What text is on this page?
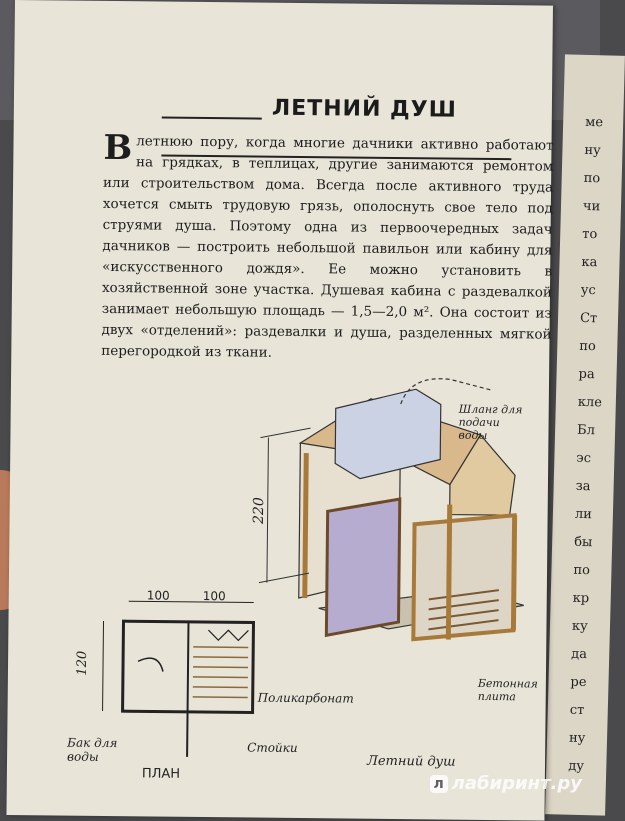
ме
ну
по
чи
то
ка
ус
Ст
по
ра
кле
Бл
эс
за
ли
бы
по
кр
ку
да
ре
ст
ну
ду
ЛЕТНИЙ ДУШ
В летнюю пору, когда многие дачники активно работают на грядках, в теплицах, другие занимаются ремонтом или строительством дома. Всегда после активного труда хочется смыть трудовую грязь, ополоснуть свое тело под струями душа. Поэтому одна из первоочередных задач дачников — построить небольшой павильон или кабину для «искусственного дождя». Ее можно установить в хозяйственной зоне участка. Душевая кабина с раздевалкой занимает небольшую площадь — 1,5—2,0 м². Она состоит из двух «отделений»: раздевалки и душа, разделенных мягкой перегородкой из ткани.
Шланг для подачи воды
220
Бетонная плита
Летний душ
100	100
120
Поликарбонат
Бак для воды
Стойки
ПЛАН
л лабиринт.ру
